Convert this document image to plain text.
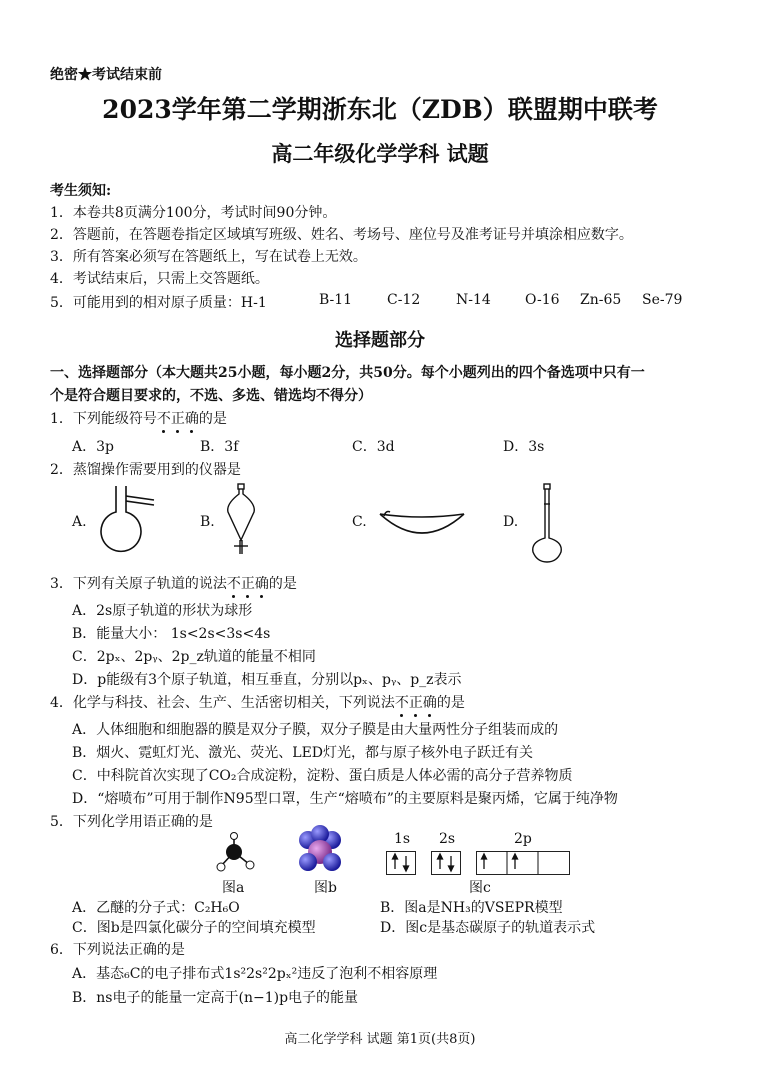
绝密★考试结束前
2023学年第二学期浙东北（ZDB）联盟期中联考
高二年级化学学科 试题
考生须知:
1．本卷共8页满分100分，考试时间90分钟。
2．答题前，在答题卷指定区域填写班级、姓名、考场号、座位号及准考证号并填涂相应数字。
3．所有答案必须写在答题纸上，写在试卷上无效。
4．考试结束后，只需上交答题纸。
5．可能用到的相对原子质量：H-1	B-11 C-12	N-14 O-16 Zn-65 Se-79
选择题部分
一、选择题部分（本大题共25小题，每小题2分，共50分。每个小题列出的四个备选项中只有一
个是符合题目要求的，不选、多选、错选均不得分）
1．下列能级符号不正确的是
A．3p	B．3f	C．3d	D．3s
2．蒸馏操作需要用到的仪器是
A.	B.	C.	D.
3．下列有关原子轨道的说法不正确的是
A．2s原子轨道的形状为球形
B．能量大小： 1s<2s<3s<4s
C．2pₓ、2pᵧ、2p_z轨道的能量不相同
D．p能级有3个原子轨道，相互垂直，分别以pₓ、pᵧ、p_z表示
4．化学与科技、社会、生产、生活密切相关，下列说法不正确的是
A．人体细胞和细胞器的膜是双分子膜，双分子膜是由大量两性分子组装而成的
B．烟火、霓虹灯光、激光、荧光、LED灯光，都与原子核外电子跃迁有关
C．中科院首次实现了CO₂合成淀粉，淀粉、蛋白质是人体必需的高分子营养物质
D．“熔喷布”可用于制作N95型口罩，生产“熔喷布”的主要原料是聚丙烯，它属于纯净物
5．下列化学用语正确的是
1s 2s	2p
图a	图b	图c
A．乙醚的分子式：C₂H₆O	B．图a是NH₃的VSEPR模型
C．图b是四氯化碳分子的空间填充模型	D．图c是基态碳原子的轨道表示式
6．下列说法正确的是
A．基态₆C的电子排布式1s²2s²2pₓ²违反了泡利不相容原理
B．ns电子的能量一定高于(n−1)p电子的能量
高二化学学科 试题 第1页(共8页)
